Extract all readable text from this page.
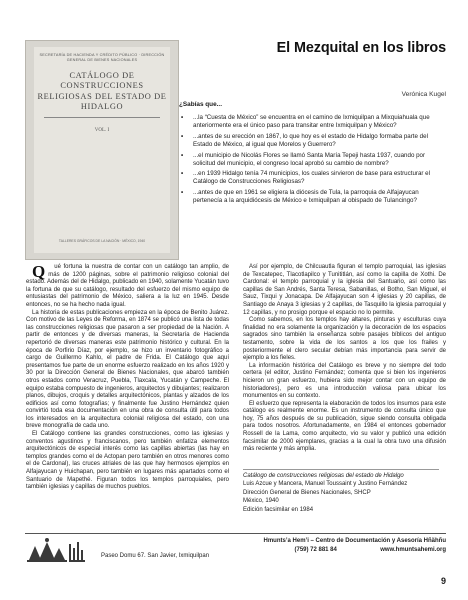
SECRETARÍA DE HACIENDA Y CRÉDITO PÚBLICO · DIRECCIÓN GENERAL DE BIENES NACIONALES
CATÁLOGO DE CONSTRUCCIONES RELIGIOSAS DEL ESTADO DE HIDALGO
VOL. I
TALLERES GRÁFICOS DE LA NACIÓN · MÉXICO, 1940
El Mezquital en los libros
Verónica Kugel
¿Sabías que...
• ...la “Cuesta de México” se encuentra en el camino de Ixmiquilpan a Mixquiahuala que anteriormente era el único paso para transitar entre Ixmiquilpan y México?
• ...antes de su erección en 1867, lo que hoy es el estado de Hidalgo formaba parte del Estado de México, al igual que Morelos y Guerrero?
• ...el municipio de Nicolás Flores se llamó Santa María Tepeji hasta 1937, cuando por solicitud del municipio, el congreso local aprobó su cambio de nombre?
• ...en 1939 Hidalgo tenía 74 municipios, los cuales sirvieron de base para estructurar el Catálogo de Construcciones Religiosas?
• ...antes de que en 1961 se eligiera la diócesis de Tula, la parroquia de Alfajayucan pertenecía a la arquidiócesis de México e Ixmiquilpan al obispado de Tulancingo?

Q ué fortuna la nuestra de contar con un catálogo tan amplio, de más de 1200 páginas, sobre el patrimonio religioso colonial del estado. Además del de Hidalgo, publicado en 1940, solamente Yucatán tuvo la fortuna de que su catálogo, resultado del esfuerzo del mismo equipo de entusiastas del patrimonio de México, saliera a la luz en 1945. Desde entonces, no se ha hecho nada igual.

La historia de estas publicaciones empieza en la época de Benito Juárez. Con motivo de las Leyes de Reforma, en 1874 se publicó una lista de todas las construcciones religiosas que pasaron a ser propiedad de la Nación. A partir de entonces y de diversas maneras, la Secretaría de Hacienda repertorió de diversas maneras este patrimonio histórico y cultural. En la época de Porfirio Díaz, por ejemplo, se hizo un inventario fotográfico a cargo de Guillermo Kahlo, el padre de Frida. El Catálogo que aquí presentamos fue parte de un enorme esfuerzo realizado en los años 1920 y 30 por la Dirección General de Bienes Nacionales, que abarcó también otros estados como Veracruz, Puebla, Tlaxcala, Yucatán y Campeche. El equipo estaba compuesto de ingenieros, arquitectos y dibujantes; realizaron planos, dibujos, croquis y detalles arquitectónicos, plantas y alzados de los edificios así como fotografías; y finalmente fue Justino Hernández quien convirtió toda esa documentación en una obra de consulta útil para todos los interesados en la arquitectura colonial religiosa del estado, con una breve monografía de cada uno.

El Catálogo contiene las grandes construcciones, como las iglesias y conventos agustinos y franciscanos, pero también enfatiza elementos arquitectónicos de especial interés como las capillas abiertas (las hay en templos grandes como el de Actopan pero también en otros menores como el de Cardonal), las cruces atriales de las que hay hermosos ejemplos en Alfajayucan y Huichapan, pero también en lugares más apartados como el Santuario de Mapethé. Figuran todos los templos parroquiales, pero también iglesias y capillas de muchos pueblos.

Así por ejemplo, de Chilcuautla figuran el templo parroquial, las iglesias de Texcatepec, Tlacotlapilco y Tunititlán, así como la capilla de Xothi. De Cardonal: el templo parroquial y la iglesia del Santuario, así como las capillas de San Andrés, Santa Teresa, Sabanillas, el Botho, San Miguel, el Sauz, Tixqui y Jonacapa. De Alfajayucan son 4 iglesias y 20 capillas, de Santiago de Anaya 3 iglesias y 2 capillas, de Tasquillo la iglesia parroquial y 12 capillas, y no prosigo porque el espacio no lo permite.

Como sabemos, en los templos hay altares, pinturas y esculturas cuya finalidad no era solamente la organización y la decoración de los espacios sagrados sino también la enseñanza sobre pasajes bíblicos del antiguo testamento, sobre la vida de los santos a los que los frailes y posteriormente el clero secular debían más importancia para servir de ejemplo a los fieles.

La información histórica del Catálogo es breve y no siempre del todo certera (el editor, Justino Fernández; comenta que si bien los ingenieros hicieron un gran esfuerzo, hubiera sido mejor contar con un equipo de historiadores), pero es una introducción valiosa para ubicar los monumentos en su contexto.

El esfuerzo que representa la elaboración de todos los insumos para este catálogo es realmente enorme. Es un instrumento de consulta único que hoy, 75 años después de su publicación, sigue siendo consulta obligada para todos nosotros. Afortunadamente, en 1984 el entonces gobernador Rossell de la Lama, como arquitecto, vio su valor y publicó una edición facsimilar de 2000 ejemplares, gracias a la cual la obra tuvo una difusión más reciente y más amplia.

Catálogo de construcciones religiosas del estado de Hidalgo
Luis Azcue y Mancera, Manuel Toussaint y Justino Fernández
Dirección General de Bienes Nacionales, SHCP
México, 1940
Edición facsimilar en 1984
Paseo Domu 67. San Javier, Ixmiquilpan
Hmunts’a Hem’i – Centro de Documentación y Asesoría Hñähñu
(759) 72 881 84	www.hmuntsahemi.org
9
